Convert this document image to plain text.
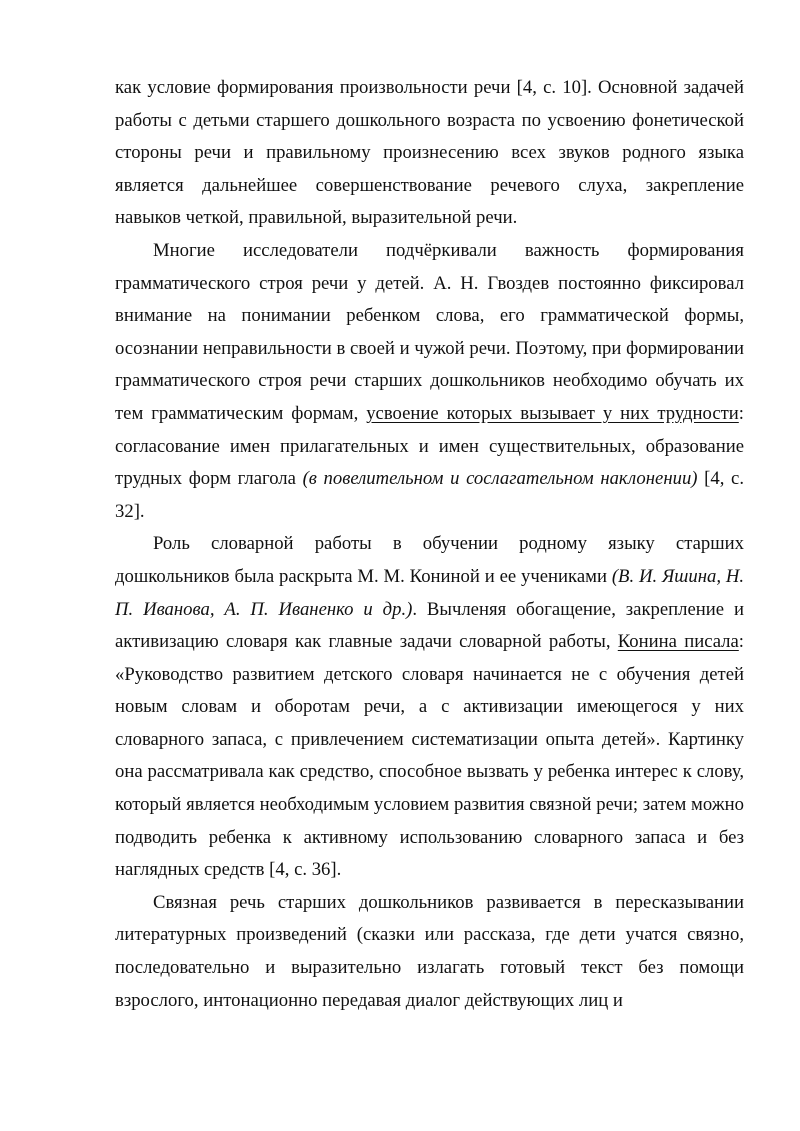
как условие формирования произвольности речи [4, с. 10]. Основной задачей работы с детьми старшего дошкольного возраста по усвоению фонетической стороны речи и правильному произнесению всех звуков родного языка является дальнейшее совершенствование речевого слуха, закрепление навыков четкой, правильной, выразительной речи.

Многие исследователи подчёркивали важность формирования грамматического строя речи у детей. А. Н. Гвоздев постоянно фиксировал внимание на понимании ребенком слова, его грамматической формы, осознании неправильности в своей и чужой речи. Поэтому, при формировании грамматического строя речи старших дошкольников необходимо обучать их тем грамматическим формам, усвоение которых вызывает у них трудности: согласование имен прилагательных и имен существительных, образование трудных форм глагола (в повелительном и сослагательном наклонении) [4, с. 32].

Роль словарной работы в обучении родному языку старших дошкольников была раскрыта М. М. Кониной и ее учениками (В. И. Яшина, Н. П. Иванова, А. П. Иваненко и др.). Вычленяя обогащение, закрепление и активизацию словаря как главные задачи словарной работы, Конина писала: «Руководство развитием детского словаря начинается не с обучения детей новым словам и оборотам речи, а с активизации имеющегося у них словарного запаса, с привлечением систематизации опыта детей». Картинку она рассматривала как средство, способное вызвать у ребенка интерес к слову, который является необходимым условием развития связной речи; затем можно подводить ребенка к активному использованию словарного запаса и без наглядных средств [4, с. 36].

Связная речь старших дошкольников развивается в пересказывании литературных произведений (сказки или рассказа, где дети учатся связно, последовательно и выразительно излагать готовый текст без помощи взрослого, интонационно передавая диалог действующих лиц и
